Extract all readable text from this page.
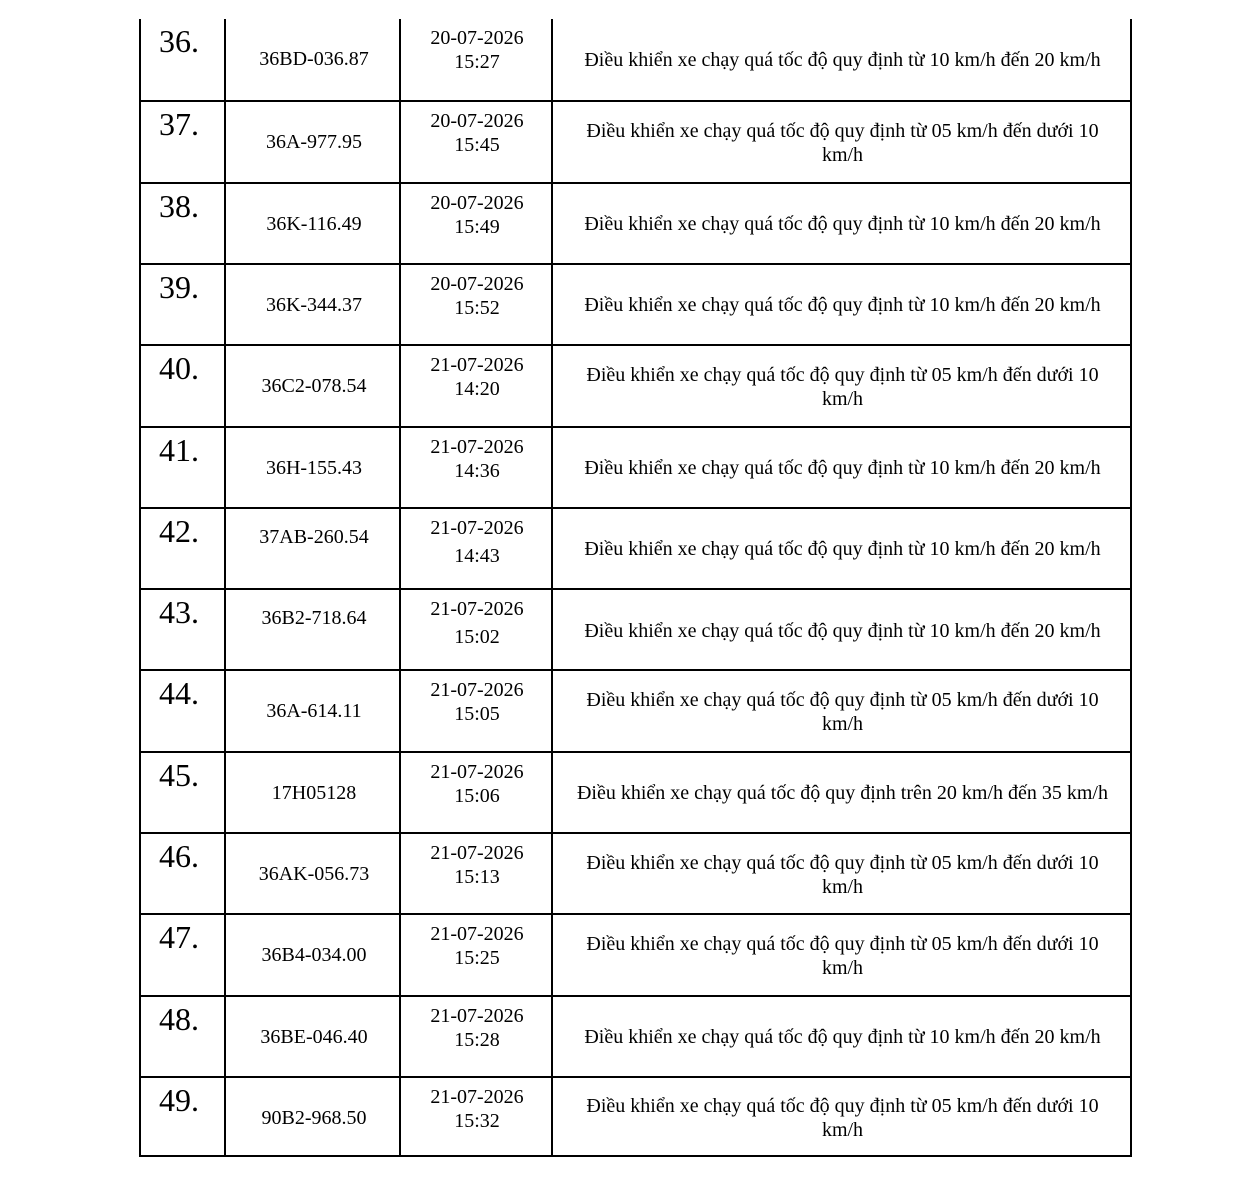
36.	36BD-036.87
20-07-2026
15:27	Điều khiển xe chạy quá tốc độ quy định từ 10 km/h đến 20 km/h
37.	36A-977.95
20-07-2026
15:45
Điều khiển xe chạy quá tốc độ quy định từ 05 km/h đến dưới 10 km/h
38.	36K-116.49
20-07-2026
15:49	Điều khiển xe chạy quá tốc độ quy định từ 10 km/h đến 20 km/h
39.	36K-344.37
20-07-2026
15:52	Điều khiển xe chạy quá tốc độ quy định từ 10 km/h đến 20 km/h
40.	36C2-078.54
21-07-2026
14:20
Điều khiển xe chạy quá tốc độ quy định từ 05 km/h đến dưới 10 km/h
41.	36H-155.43
21-07-2026
14:36	Điều khiển xe chạy quá tốc độ quy định từ 10 km/h đến 20 km/h
42.	37AB-260.54	21-07-2026
14:43	Điều khiển xe chạy quá tốc độ quy định từ 10 km/h đến 20 km/h
43.	36B2-718.64	21-07-2026
15:02	Điều khiển xe chạy quá tốc độ quy định từ 10 km/h đến 20 km/h
44.	36A-614.11
21-07-2026
15:05
Điều khiển xe chạy quá tốc độ quy định từ 05 km/h đến dưới 10 km/h
45.	17H05128
21-07-2026
15:06	Điều khiển xe chạy quá tốc độ quy định trên 20 km/h đến 35 km/h
46.	36AK-056.73
21-07-2026
15:13
Điều khiển xe chạy quá tốc độ quy định từ 05 km/h đến dưới 10 km/h
47.	36B4-034.00
21-07-2026
15:25
Điều khiển xe chạy quá tốc độ quy định từ 05 km/h đến dưới 10 km/h
48.	36BE-046.40
21-07-2026
15:28	Điều khiển xe chạy quá tốc độ quy định từ 10 km/h đến 20 km/h
49.	90B2-968.50
21-07-2026
15:32
Điều khiển xe chạy quá tốc độ quy định từ 05 km/h đến dưới 10 km/h
